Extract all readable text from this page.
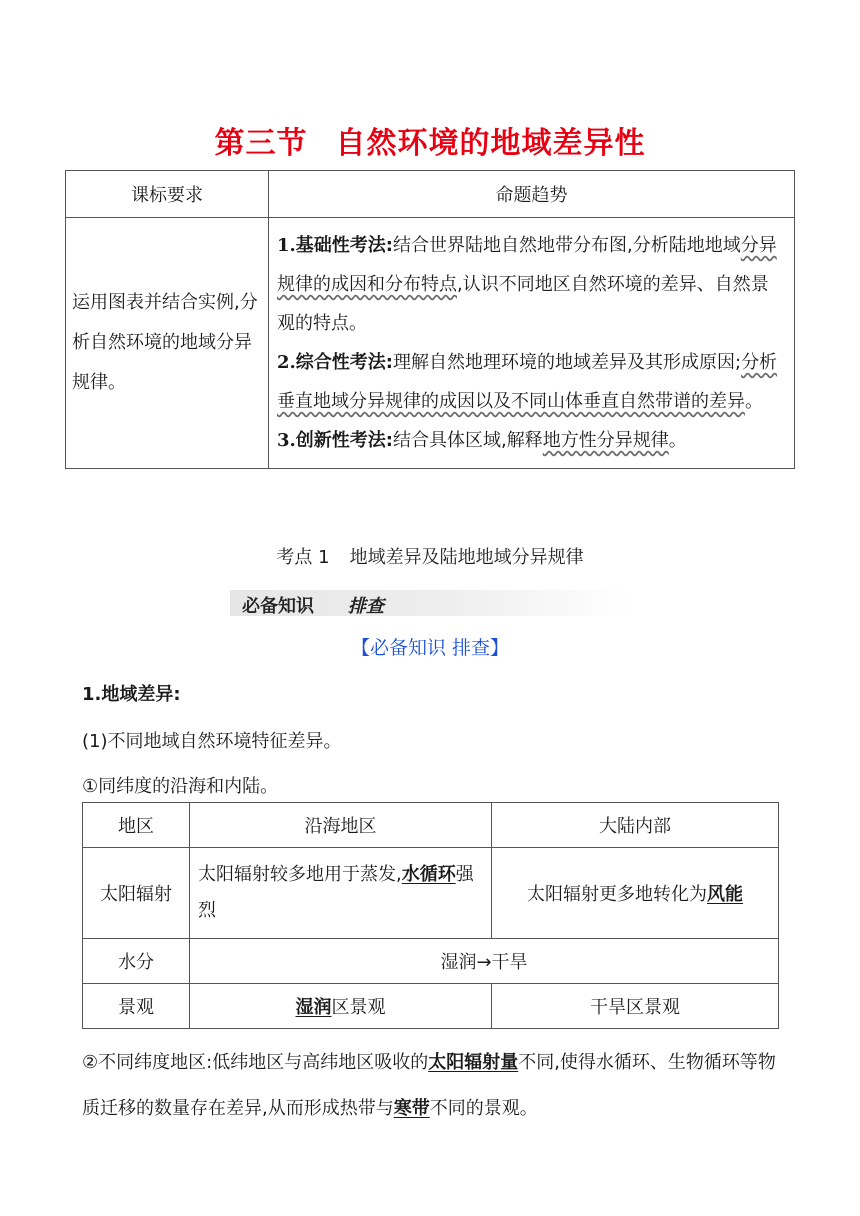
第三节 自然环境的地域差异性
课标要求	命题趋势
运用图表并结合实例,分析自然环境的地域分异规律。	1.基础性考法:结合世界陆地自然地带分布图,分析陆地地域分异规律的成因和分布特点,认识不同地区自然环境的差异、自然景观的特点。
2.综合性考法:理解自然地理环境的地域差异及其形成原因;分析垂直地域分异规律的成因以及不同山体垂直自然带谱的差异。
3.创新性考法:结合具体区域,解释地方性分异规律。
考点 1 地域差异及陆地地域分异规律
必备知识 排查
【必备知识 排查】
1.地域差异:
(1)不同地域自然环境特征差异。
①同纬度的沿海和内陆。
地区	沿海地区	大陆内部
太阳辐射	太阳辐射较多地用于蒸发,水循环强烈	太阳辐射更多地转化为风能
水分	湿润→干旱	
景观	湿润区景观	干旱区景观
②不同纬度地区:低纬地区与高纬地区吸收的太阳辐射量不同,使得水循环、生物循环等物质迁移的数量存在差异,从而形成热带与寒带不同的景观。
